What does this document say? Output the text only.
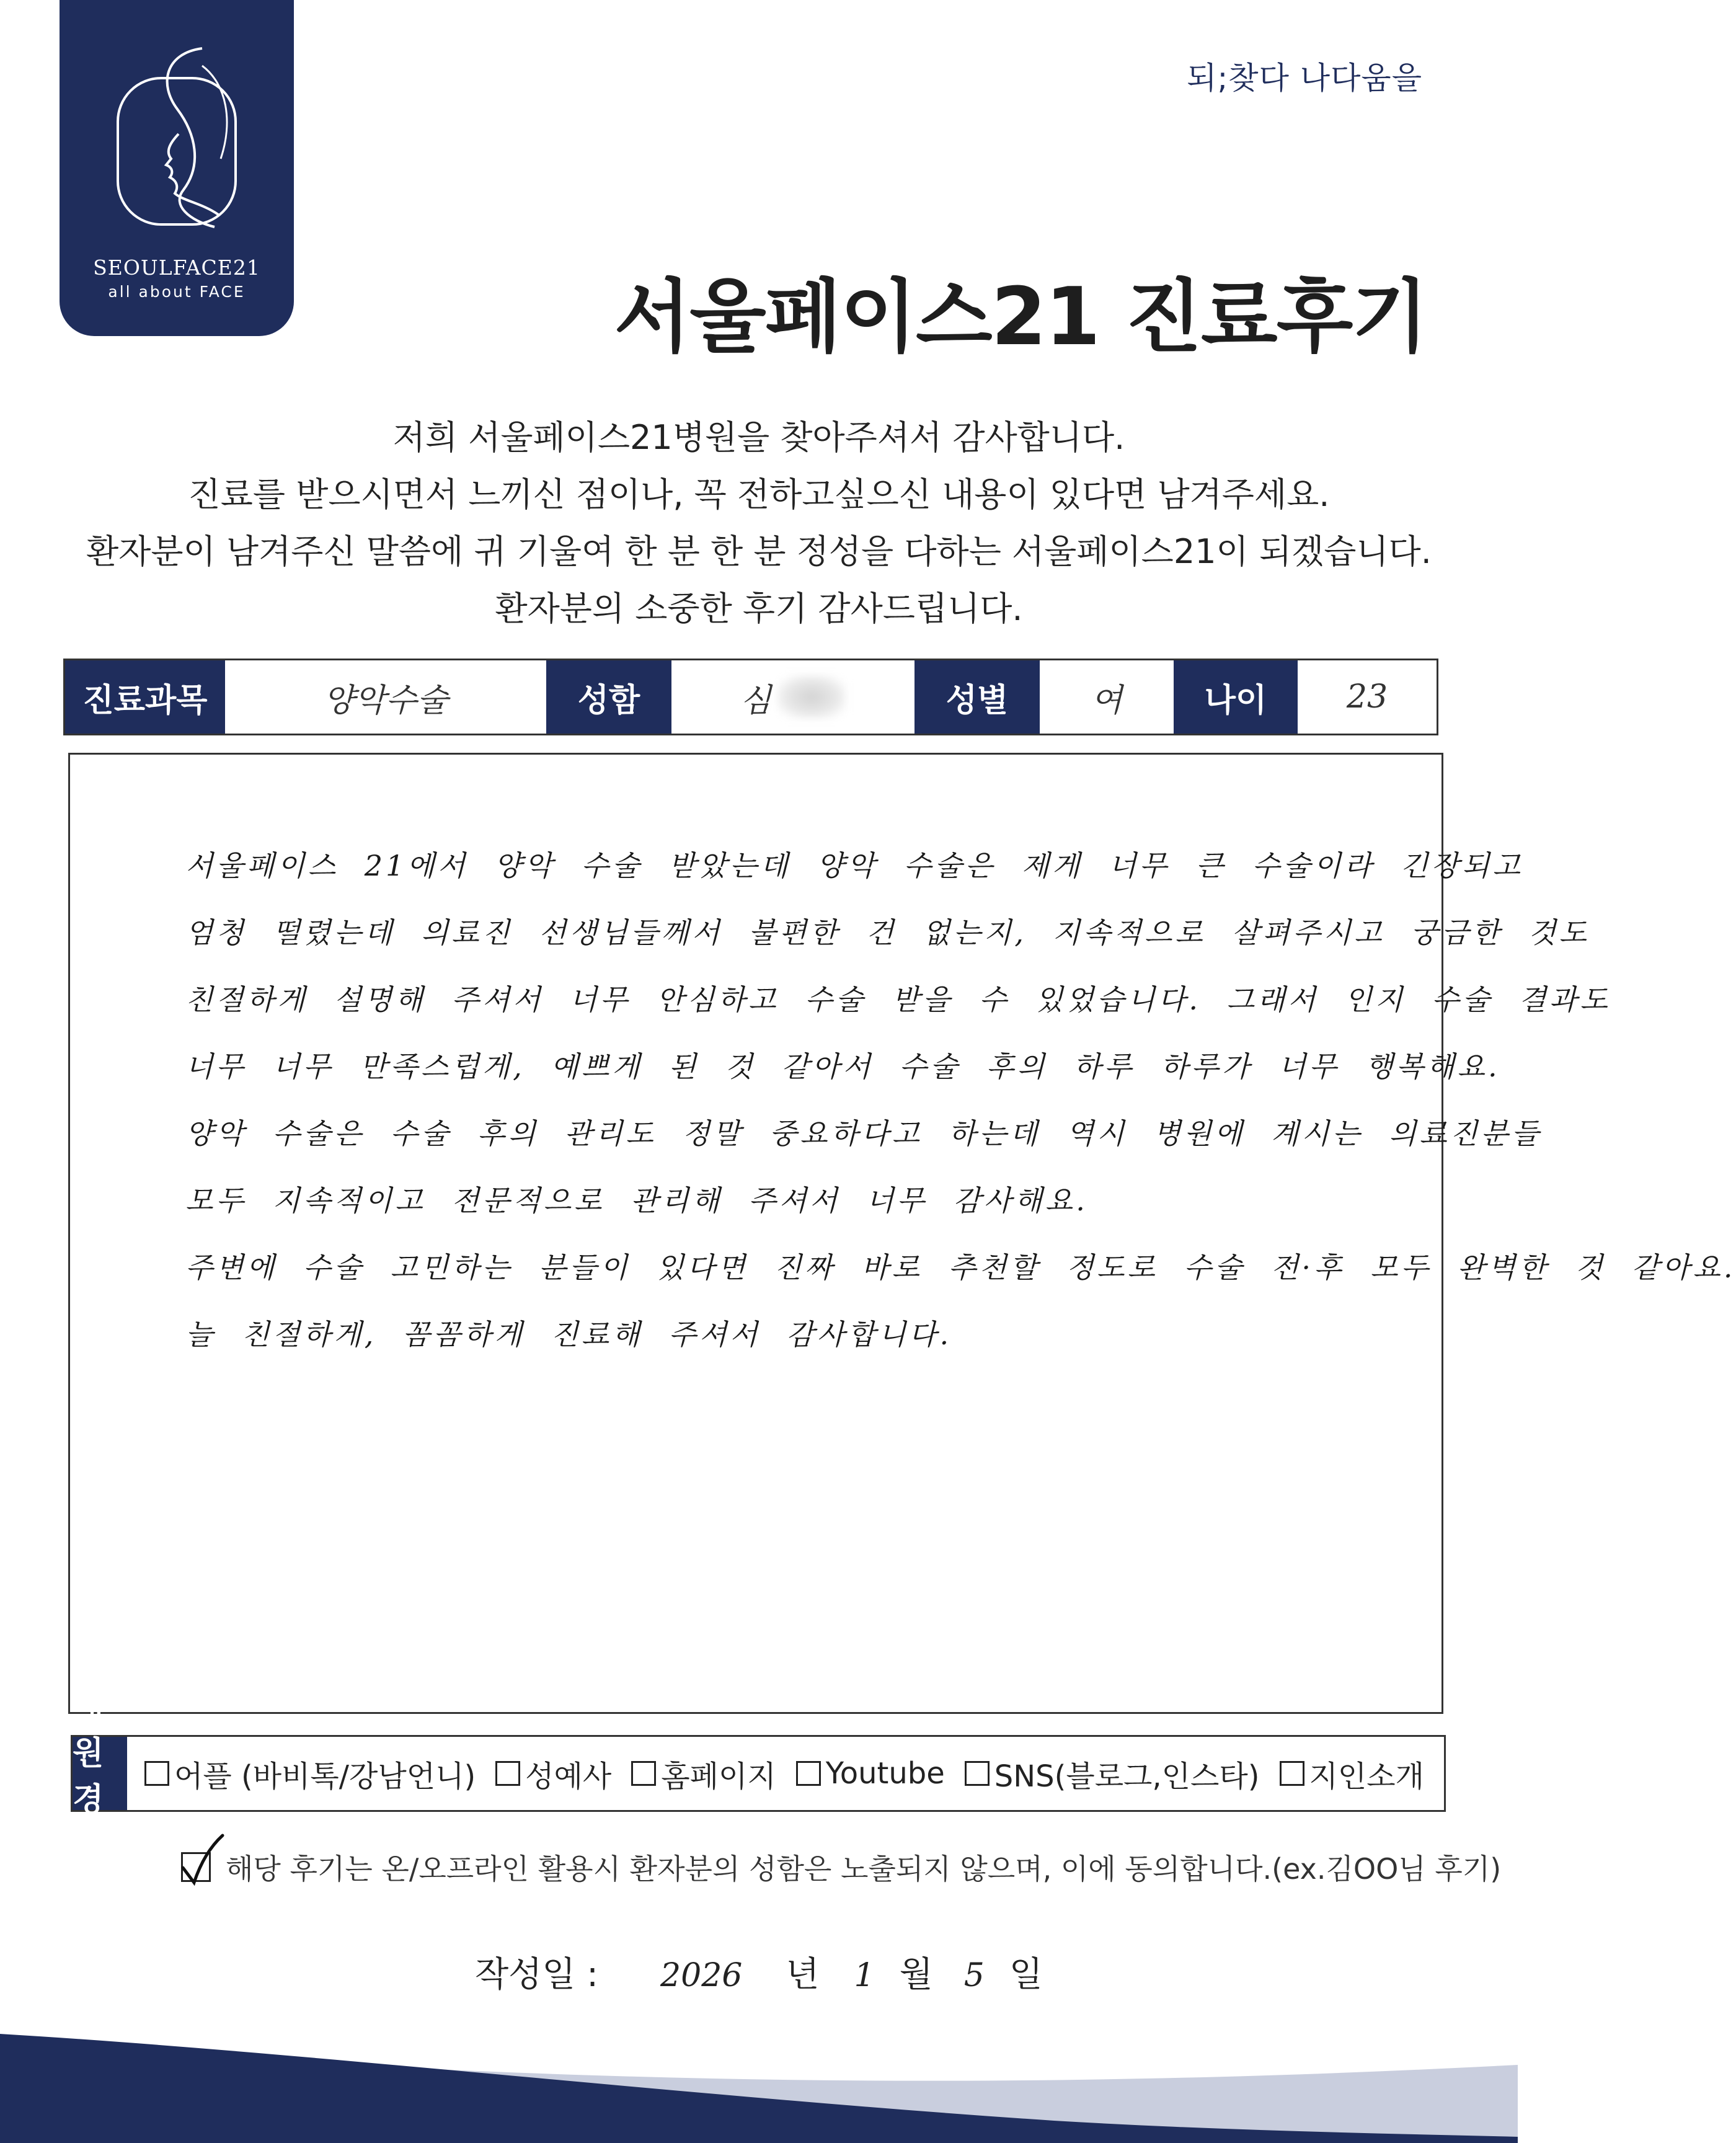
SEOULFACE21
all about FACE
되;찾다 나다움을
서울페이스21 진료후기
저희 서울페이스21병원을 찾아주셔서 감사합니다.
진료를 받으시면서 느끼신 점이나, 꼭 전하고싶으신 내용이 있다면 남겨주세요.
환자분이 남겨주신 말씀에 귀 기울여 한 분 한 분 정성을 다하는 서울페이스21이 되겠습니다.
환자분의 소중한 후기 감사드립니다.
진료과목	양악수술	성함	심	성별	여	나이	23
서울페이스 21에서 양악 수술 받았는데 양악 수술은 제게 너무 큰 수술이라 긴장되고
엄청 떨렸는데 의료진 선생님들께서 불편한 건 없는지, 지속적으로 살펴주시고 궁금한 것도
친절하게 설명해 주셔서 너무 안심하고 수술 받을 수 있었습니다. 그래서 인지 수술 결과도
너무 너무 만족스럽게, 예쁘게 된 것 같아서 수술 후의 하루 하루가 너무 행복해요.
양악 수술은 수술 후의 관리도 정말 중요하다고 하는데 역시 병원에 계시는 의료진분들
모두 지속적이고 전문적으로 관리해 주셔서 너무 감사해요.
주변에 수술 고민하는 분들이 있다면 진짜 바로 추천할 정도로 수술 전·후 모두 완벽한 것 같아요.
늘 친절하게, 꼼꼼하게 진료해 주셔서 감사합니다.
내원경로
어플 (바비톡/강남언니) 성예사 홈페이지 Youtube SNS(블로그,인스타) 지인소개
해당 후기는 온/오프라인 활용시 환자분의 성함은 노출되지 않으며, 이에 동의합니다.(ex.김OO님 후기)
작성일 : 2026 년 1 월 5 일
